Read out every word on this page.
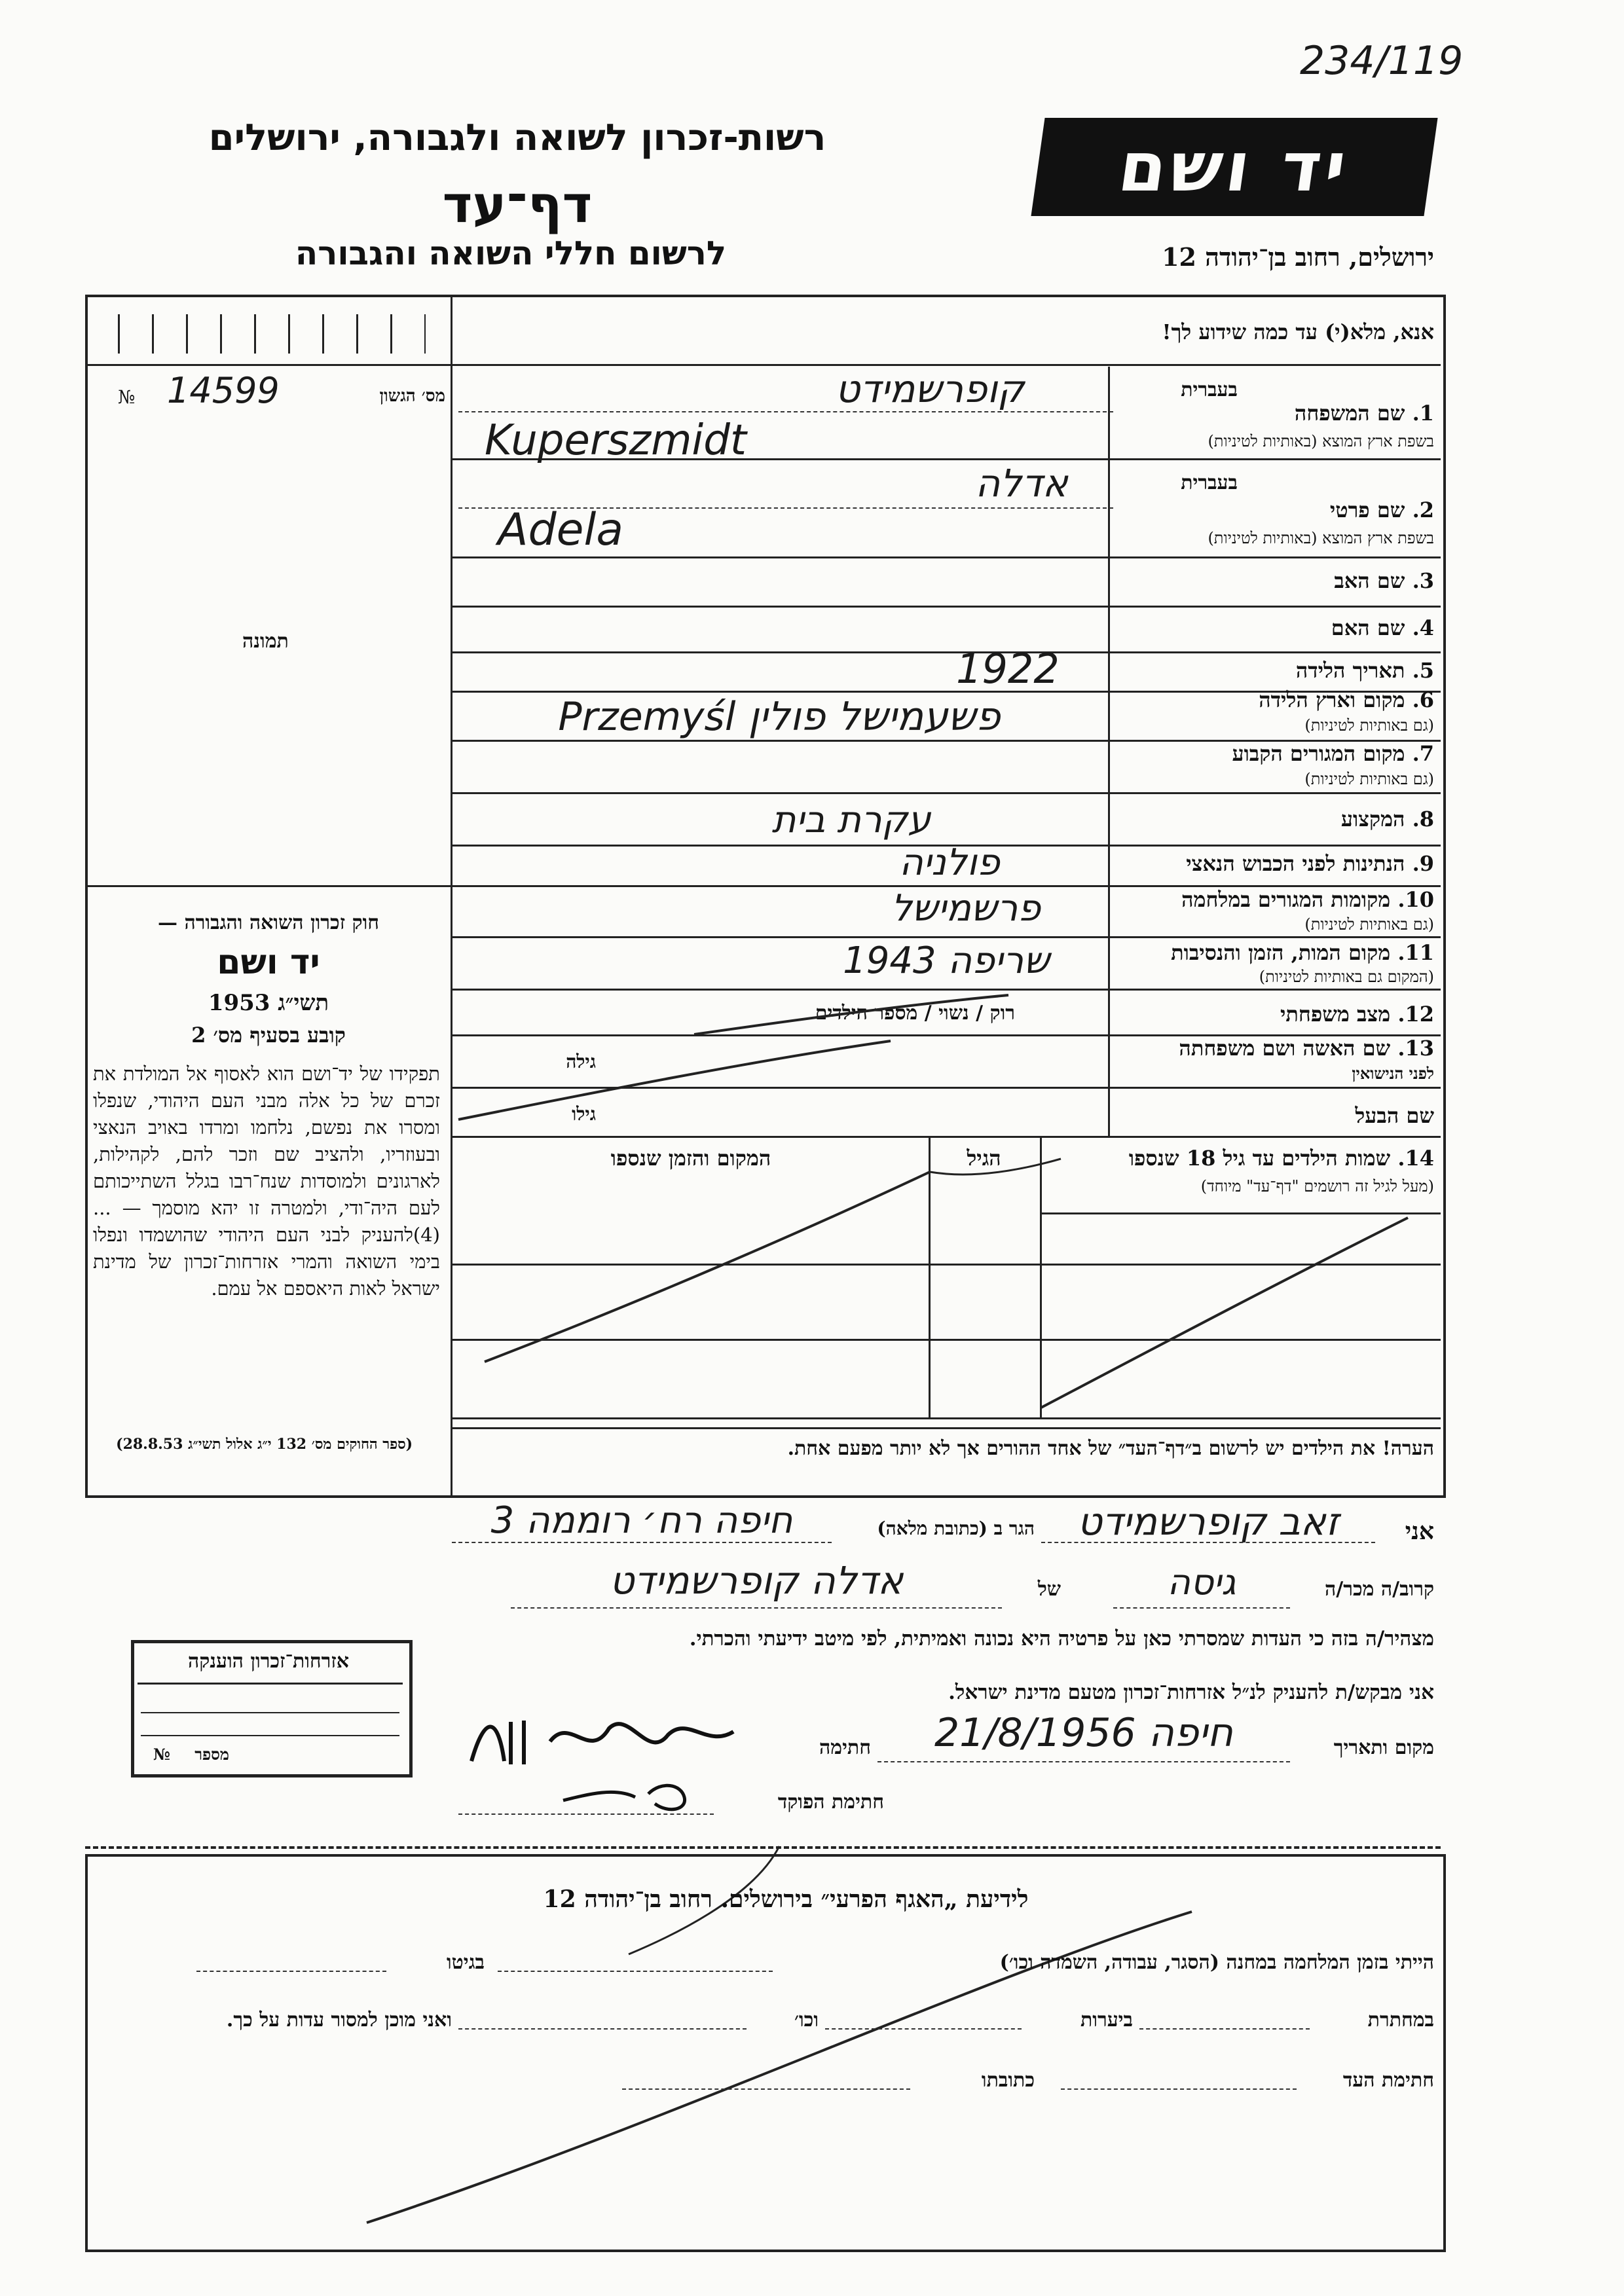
234/119
רשות-זכרון לשואה ולגבורה, ירושלים
דף־עד
לרשום חללי השואה והגבורה
יד ושם
ירושלים, רחוב בן־יהודה 12
אנא, מלא(י) עד כמה שידוע לך!
מס׳ הגשון
14599
№
תמונה
חוק זכרון השואה והגבורה —
יד ושם
תשי״ג 1953
קובע בסעיף מס׳ 2
תפקידו של יד־ושם הוא לאסוף אל המולדת את זכרם של כל אלה מבני העם היהודי, שנפלו ומסרו את נפשם, נלחמו ומרדו באויב הנאצי ובעוזריו, ולהציב שם וזכר להם, לקהילות, לארגונים ולמוסדות שנח־רבו בגלל השתייכותם לעם היה־ודי, ולמטרה זו יהא מוסמך — ...(4)להעניק לבני העם היהודי שהושמדו ונפלו בימי השואה והמרי אזרחות־זכרון של מדינת ישראל לאות היאספם אל עמם.
(ספר החוקים מס׳ 132 י״ג אלול תשי״ג 28.8.53)
1. שם המשפחה
בשפת ארץ המוצא (באותיות לטיניות)
בעברית
קופרשמידט
Kuperszmidt
2. שם פרטי
בשפת ארץ המוצא (באותיות לטיניות)
בעברית
אדלה
Adela
3. שם האב
4. שם האם
5. תאריך הלידה
1922
6. מקום וארץ הלידה
(גם באותיות לטיניות)
פשעמישל פולין Przemyśl
7. מקום המגורים הקבוע
(גם באותיות לטיניות)
8. המקצוע
עקרת בית
9. הנתינות לפני הכבוש הנאצי
פולניה
10. מקומות המגורים במלחמה
(גם באותיות לטיניות)
פרשמישל
11. מקום המות, הזמן והנסיבות
(המקום גם באותיות לטיניות)
שריפה 1943
12. מצב משפחתי
רוק / נשוי / מספר הילדים
13. שם האשה ושם משפחתה
לפני הנישואין
גילה
שם הבעל
גילו
14. שמות הילדים עד גיל 18 שנספו
(מעל לגיל זה רושמים "דף־עד" מיוחד)
הגיל
המקום והזמן שנספו
הערה! את הילדים יש לרשום ב״דף־העד״ של אחד ההורים אך לא יותר מפעם אחת.
אני
זאב קופרשמידט
הגר ב (כתובת מלאה)
חיפה רח׳ רוממה 3
קרוב/ה מכר/ה
גיסה
של
אדלה קופרשמידט
מצהיר/ה בזה כי העדות שמסרתי כאן על פרטיה היא נכונה ואמיתית, לפי מיטב ידיעתי והכרתי.
אני מבקש/ת להעניק לנ״ל אזרחות־זכרון מטעם מדינת ישראל.
מקום ותאריך
חיפה 21/8/1956
חתימה
חתימת הפוקד
אזרחות־זכרון הוענקה
מספר
№
לידיעת „האגף הפרעי״ בירושלים. רחוב בן־יהודה 12
הייתי בזמן המלחמה במחנה (הסגר, עבודה, השמדה וכו׳)
בגיטו
במחתרת
ביערות
וכו׳
ואני מוכן למסור עדות על כך.
חתימת העד
כתובתו
